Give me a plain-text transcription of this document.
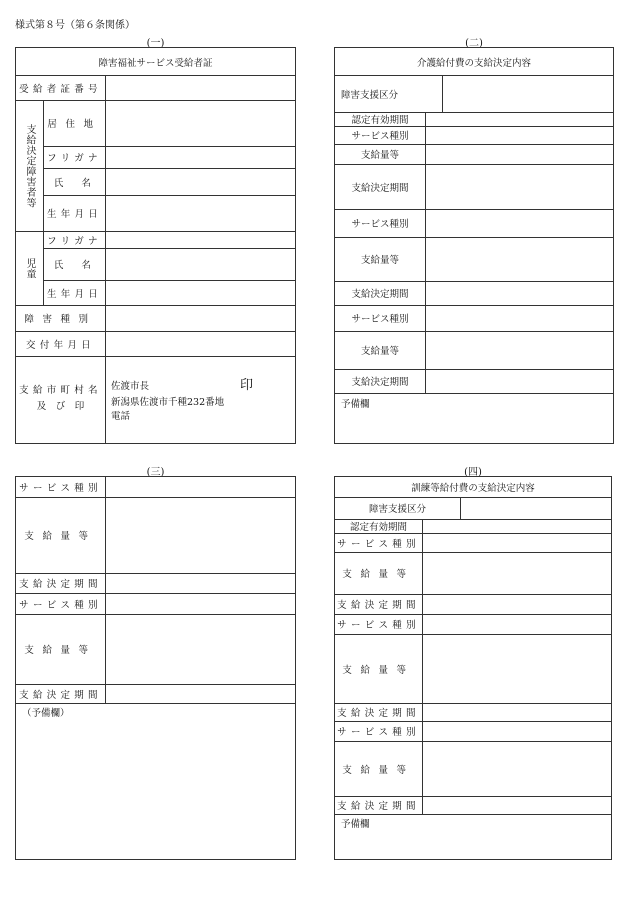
様式第８号（第６条関係）
(一)
障害福祉サービス受給者証
受給者証番号
支給決定障害者等	居住地
フリガナ
氏　名
生年月日
児童
フリガナ
氏　名
生年月日
障害種別
交付年月日
支給市町村名
及　び　印
佐渡市長	印
新潟県佐渡市千種232番地
電話
(二)
介護給付費の支給決定内容
障害支援区分
認定有効期間
サービス種別
支給量等
支給決定期間
サービス種別
支給量等
支給決定期間
サービス種別
支給量等
支給決定期間
予備欄
(三)
サービス種別
支給量等
支給決定期間
サービス種別
支給量等
支給決定期間
（予備欄）
(四)
訓練等給付費の支給決定内容
障害支援区分
認定有効期間
サービス種別
支給量等
支給決定期間
サービス種別
支給量等
支給決定期間
サービス種別
支給量等
支給決定期間
予備欄
